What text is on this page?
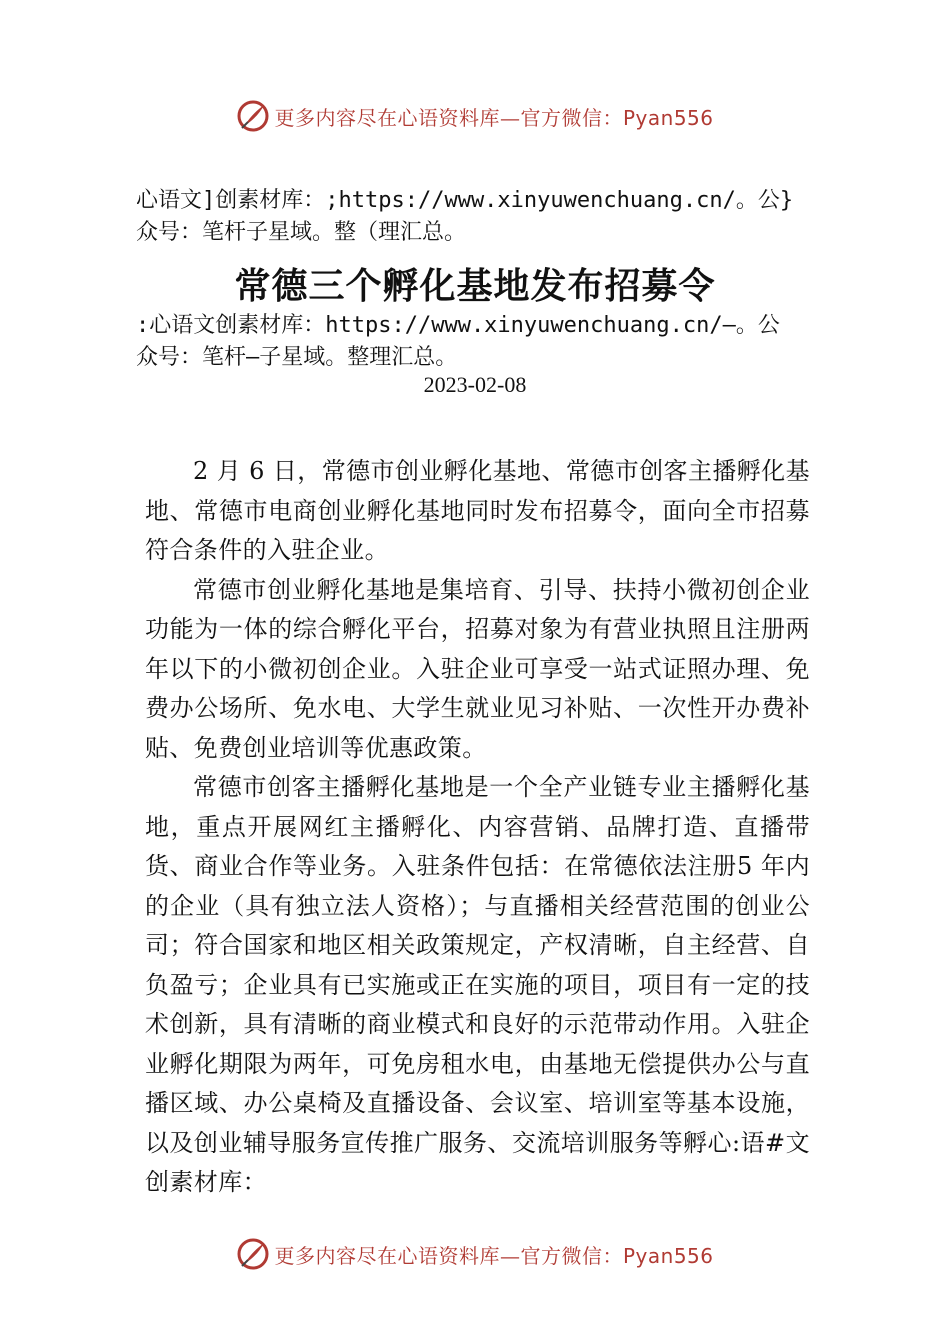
更多内容尽在心语资料库—官方微信：Pyan556
心语文]创素材库：;https://www.xinyuwenchuang.cn/。公}
众号：笔杆子星域。整（理汇总。
常德三个孵化基地发布招募令
:心语文创素材库：https://www.xinyuwenchuang.cn/—。公
众号：笔杆—子星域。整理汇总。
2023-02-08

2 月 6 日，常德市创业孵化基地、常德市创客主播孵化基地、常德市电商创业孵化基地同时发布招募令，面向全市招募符合条件的入驻企业。

常德市创业孵化基地是集培育、引导、扶持小微初创企业功能为一体的综合孵化平台，招募对象为有营业执照且注册两年以下的小微初创企业。入驻企业可享受一站式证照办理、免费办公场所、免水电、大学生就业见习补贴、一次性开办费补贴、免费创业培训等优惠政策。

常德市创客主播孵化基地是一个全产业链专业主播孵化基地，重点开展网红主播孵化、内容营销、品牌打造、直播带货、商业合作等业务。入驻条件包括：在常德依法注册5 年内的企业（具有独立法人资格）；与直播相关经营范围的创业公司；符合国家和地区相关政策规定，产权清晰，自主经营、自负盈亏；企业具有已实施或正在实施的项目，项目有一定的技术创新，具有清晰的商业模式和良好的示范带动作用。入驻企业孵化期限为两年，可免房租水电，由基地无偿提供办公与直播区域、办公桌椅及直播设备、会议室、培训室等基本设施，以及创业辅导服务宣传推广服务、交流培训服务等孵心:语#文创素材库：

更多内容尽在心语资料库—官方微信：Pyan556
